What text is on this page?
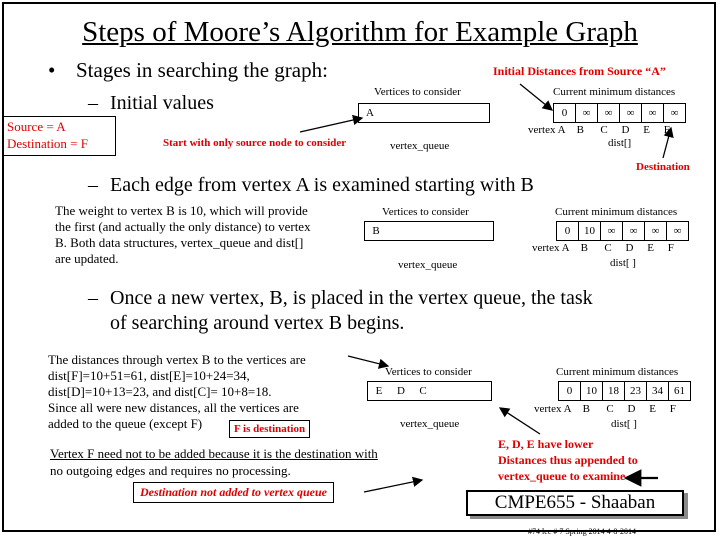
Steps of Moore’s Algorithm for Example Graph
• Stages in searching the graph:	Initial Distances from Source “A”
– Initial values
Source = A
Destination = F	Start with only source node to consider
Vertices to consider
A
vertex_queue
Current minimum distances
0	∞	∞	∞	∞	∞
vertex A B C D E F
dist[]
Destination
– Each edge from vertex A is examined starting with B
The weight to vertex B is 10, which will provide
the first (and actually the only distance) to vertex
B. Both data structures, vertex_queue and dist[]
are updated.
Vertices to consider
B
vertex_queue
Current minimum distances
0	10	∞	∞	∞	∞
vertex A B C D E F
dist[ ]
– Once a new vertex, B, is placed in the vertex queue, the task
of searching around vertex B begins.
The distances through vertex B to the vertices are
dist[F]=10+51=61, dist[E]=10+24=34,
dist[D]=10+13=23, and dist[C]= 10+8=18.
Since all were new distances, all the vertices are
added to the queue (except F)	F is destination
Vertices to consider
E	D	C
vertex_queue
Current minimum distances
0	10	18	23	34	61
vertex A B C D E F
dist[ ]
Vertex F need not to be added because it is the destination with
no outgoing edges and requires no processing.
Destination not added to vertex queue
E, D, E have lower
Distances thus appended to
vertex_queue to examine
CMPE655 - Shaaban
#74 lec # 7 Spring 2014 4-8-2014
